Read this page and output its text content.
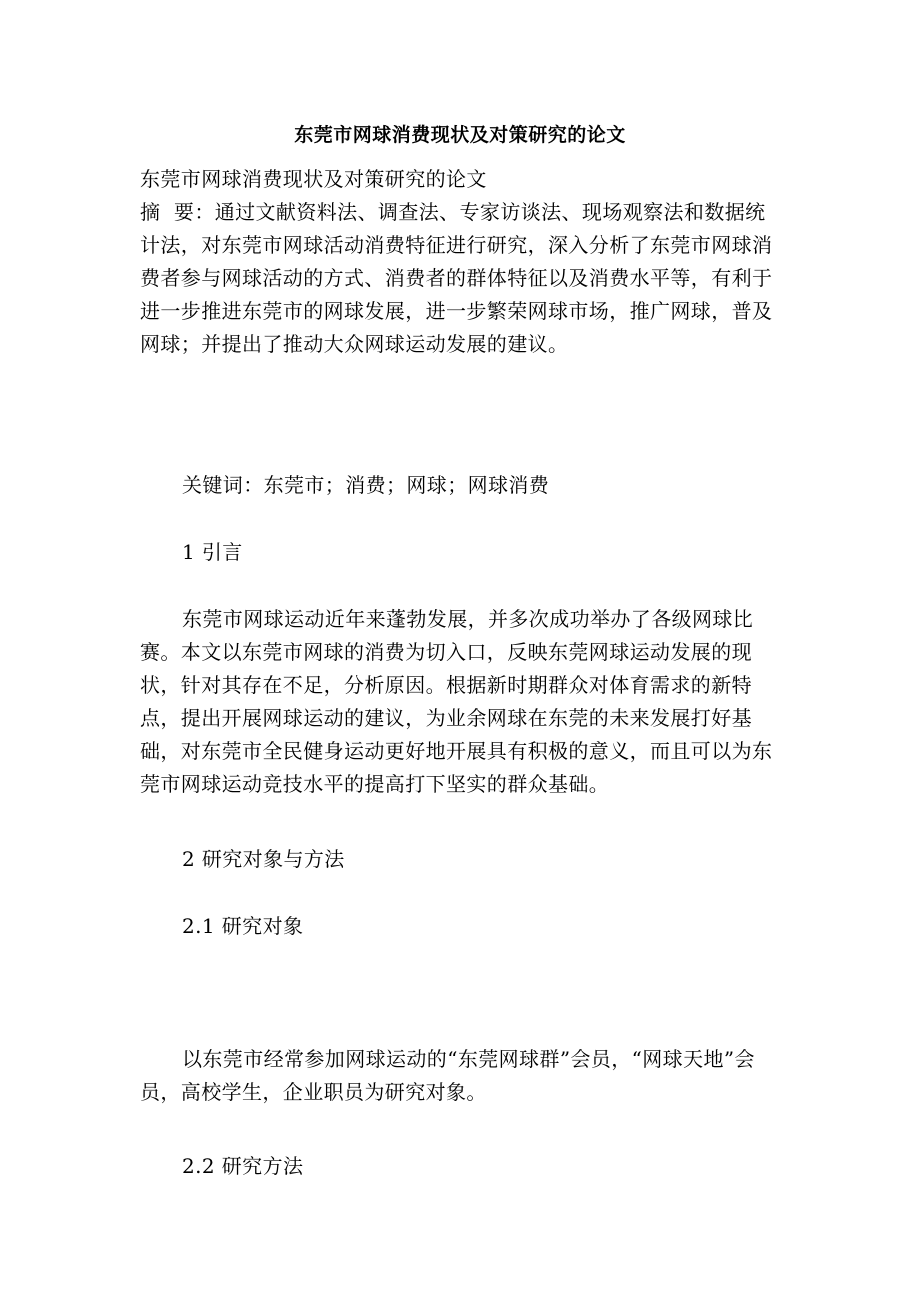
东莞市网球消费现状及对策研究的论文
东莞市网球消费现状及对策研究的论文
摘  要：通过文献资料法、调查法、专家访谈法、现场观察法和数据统计法，对东莞市网球活动消费特征进行研究，深入分析了东莞市网球消费者参与网球活动的方式、消费者的群体特征以及消费水平等，有利于进一步推进东莞市的网球发展，进一步繁荣网球市场，推广网球，普及网球；并提出了推动大众网球运动发展的建议。
关键词：东莞市；消费；网球；网球消费
1 引言
东莞市网球运动近年来蓬勃发展，并多次成功举办了各级网球比赛。本文以东莞市网球的消费为切入口，反映东莞网球运动发展的现状，针对其存在不足，分析原因。根据新时期群众对体育需求的新特点，提出开展网球运动的建议，为业余网球在东莞的未来发展打好基础，对东莞市全民健身运动更好地开展具有积极的意义，而且可以为东莞市网球运动竞技水平的提高打下坚实的群众基础。
2 研究对象与方法
2.1 研究对象
以东莞市经常参加网球运动的“东莞网球群”会员，“网球天地”会员，高校学生，企业职员为研究对象。
2.2 研究方法
